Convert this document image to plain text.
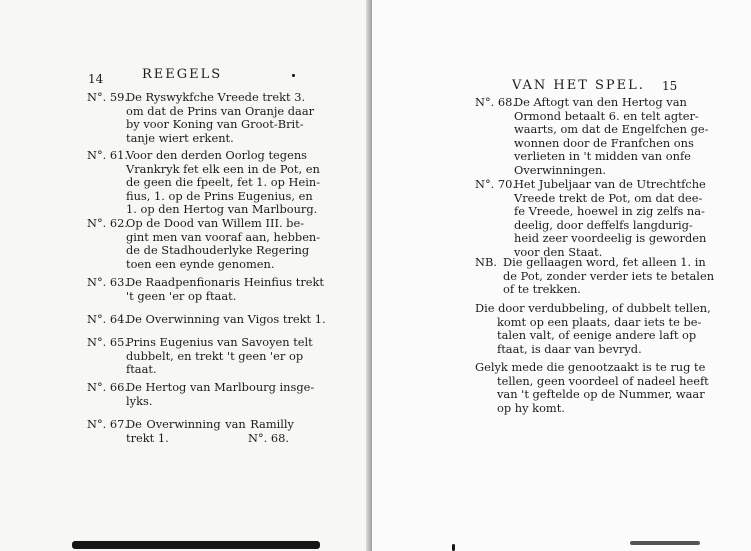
14	REEGELS
N°. 59.
De Ryswykfche Vreede trekt 3.
om dat de Prins van Oranje daar
by voor Koning van Groot-Brit-
tanje wiert erkent.
N°. 61.
Voor den derden Oorlog tegens
Vrankryk fet elk een in de Pot, en
de geen die fpeelt, fet 1. op Hein-
fius, 1. op de Prins Eugenius, en
1. op den Hertog van Marlbourg.
N°. 62.
Op de Dood van Willem III. be-
gint men van vooraf aan, hebben-
de de Stadhouderlyke Regering
toen een eynde genomen.
N°. 63.
De Raadpenfionaris Heinfius trekt
't geen 'er op ftaat.
N°. 64.
De Overwinning van Vigos trekt 1.
N°. 65.
Prins Eugenius van Savoyen telt
dubbelt, en trekt 't geen 'er op
ftaat.
N°. 66.
De Hertog van Marlbourg insge-
lyks.
N°. 67.
De Overwinning van Ramilly
trekt 1.	N°. 68.
VAN HET SPEL. 15
N°. 68.
De Aftogt van den Hertog van
Ormond betaalt 6. en telt agter-
waarts, om dat de Engelfchen ge-
wonnen door de Franfchen ons
verlieten in 't midden van onfe
Overwinningen.
N°. 70.
Het Jubeljaar van de Utrechtfche
Vreede trekt de Pot, om dat dee-
fe Vreede, hoewel in zig zelfs na-
deelig, door deffelfs langdurig-
heid zeer voordeelig is geworden
voor den Staat.
NB. Die gellaagen word, fet alleen 1. in
de Pot, zonder verder iets te betalen
of te trekken.
Die door verdubbeling, of dubbelt tellen,
komt op een plaats, daar iets te be-
talen valt, of eenige andere laft op
ftaat, is daar van bevryd.
Gelyk mede die genootzaakt is te rug te
tellen, geen voordeel of nadeel heeft
van 't geftelde op de Nummer, waar
op hy komt.
